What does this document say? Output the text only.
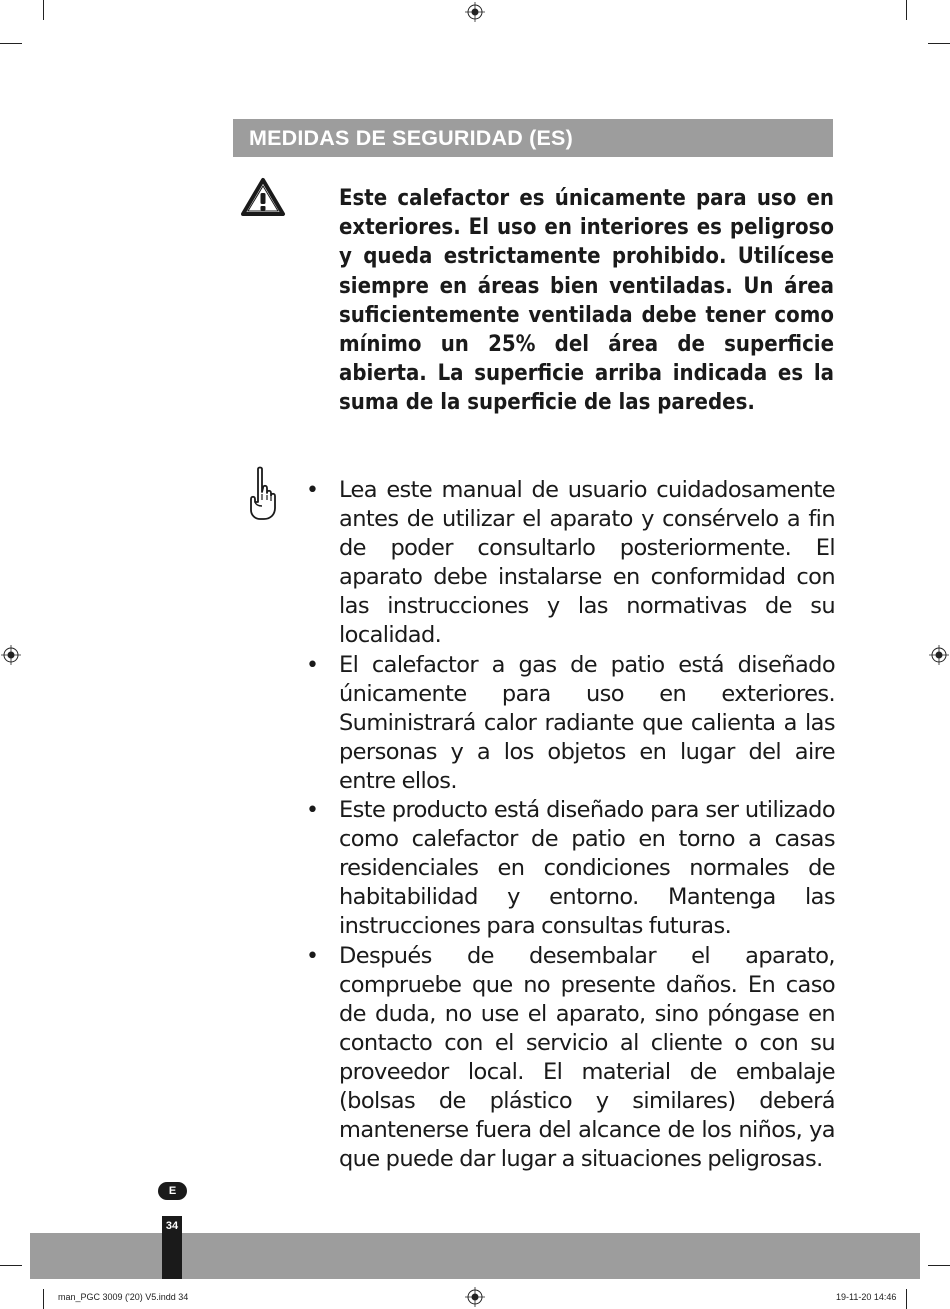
MEDIDAS DE SEGURIDAD (ES)

Este calefactor es únicamente para uso en exteriores. El uso en interiores es peligroso y queda estrictamente prohibido. Utilícese siempre en áreas bien ventiladas. Un área suficientemente ventilada debe tener como mínimo un 25% del área de superficie abierta. La superficie arriba indicada es la suma de la superficie de las paredes.

• Lea este manual de usuario cuidadosamente antes de utilizar el aparato y consérvelo a fin de poder consultarlo posteriormente. El aparato debe instalarse en conformidad con las instrucciones y las normativas de su localidad.
• El calefactor a gas de patio está diseñado únicamente para uso en exteriores. Suministrará calor radiante que calienta a las personas y a los objetos en lugar del aire entre ellos.
• Este producto está diseñado para ser utilizado como calefactor de patio en torno a casas residenciales en condiciones normales de habitabilidad y entorno. Mantenga las instrucciones para consultas futuras.
• Después de desembalar el aparato, compruebe que no presente daños. En caso de duda, no use el aparato, sino póngase en contacto con el servicio al cliente o con su proveedor local. El material de embalaje (bolsas de plástico y similares) deberá mantenerse fuera del alcance de los niños, ya que puede dar lugar a situaciones peligrosas.
34
E
man_PGC 3009 ('20) V5.indd 34	19-11-20 14:46
